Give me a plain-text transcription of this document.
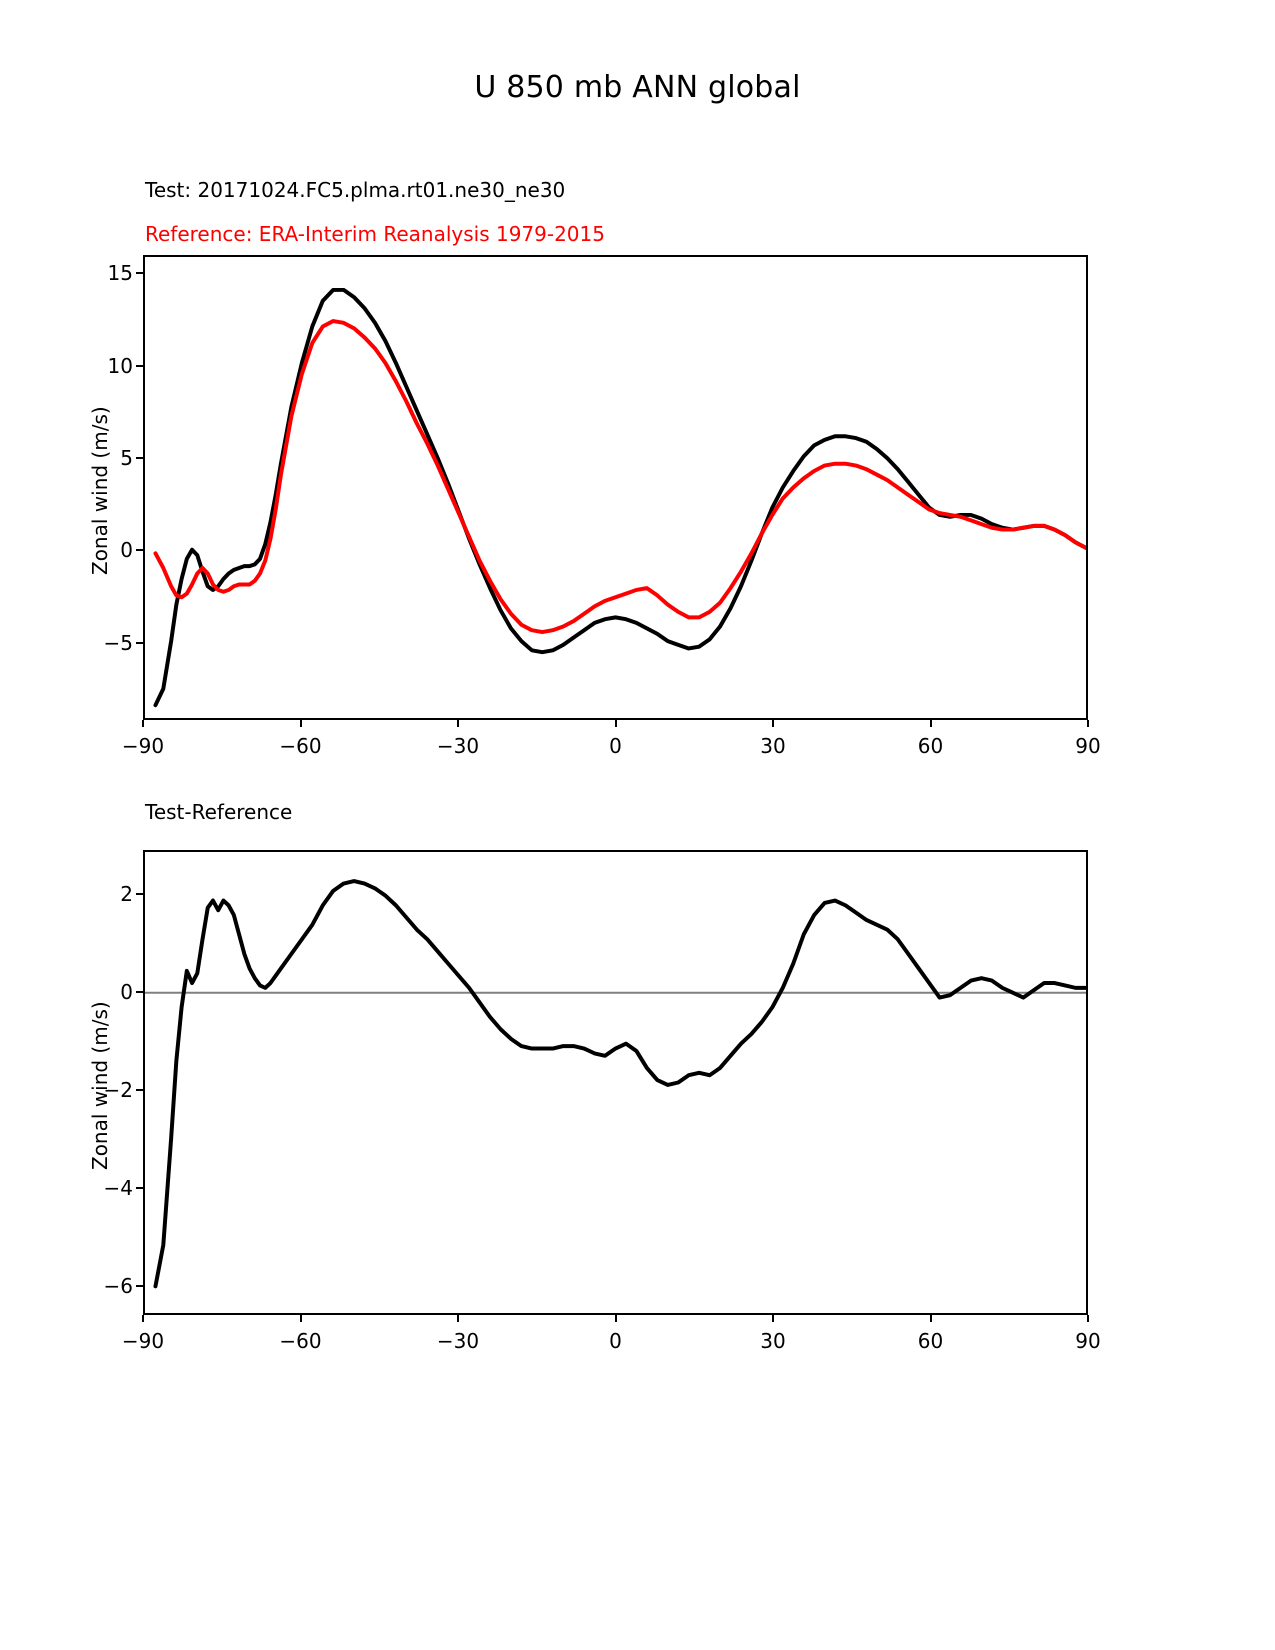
U 850 mb ANN global
Test: 20171024.FC5.plma.rt01.ne30_ne30
Reference: ERA-Interim Reanalysis 1979-2015
Zonal wind (m/s)
−90	−60	−30	0	30	60	90
−5
0
5
10
15
Test-Reference
Zonal wind (m/s)
−90	−60	−30	0	30	60	90
−6
−4
−2
0
2
